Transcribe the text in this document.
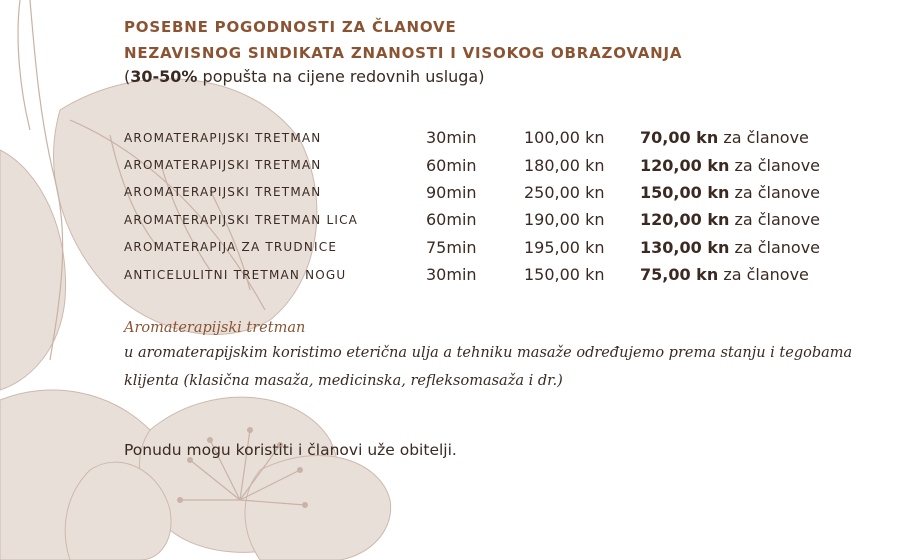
POSEBNE POGODNOSTI ZA ČLANOVE
NEZAVISNOG SINDIKATA ZNANOSTI I VISOKOG OBRAZOVANJA
(30-50% popušta na cijene redovnih usluga)
AROMATERAPIJSKI TRETMAN	30min	100,00 kn	70,00 kn za članove
AROMATERAPIJSKI TRETMAN	60min	180,00 kn	120,00 kn za članove
AROMATERAPIJSKI TRETMAN	90min	250,00 kn	150,00 kn za članove
AROMATERAPIJSKI TRETMAN LICA	60min	190,00 kn	120,00 kn za članove
AROMATERAPIJA ZA TRUDNICE	75min	195,00 kn	130,00 kn za članove
ANTICELULITNI TRETMAN NOGU	30min	150,00 kn	75,00 kn za članove
Aromaterapijski tretman
u aromaterapijskim koristimo eterična ulja a tehniku masaže određujemo prema stanju i tegobama
klijenta (klasična masaža, medicinska, refleksomasaža i dr.)
Ponudu mogu koristiti i članovi uže obitelji.
